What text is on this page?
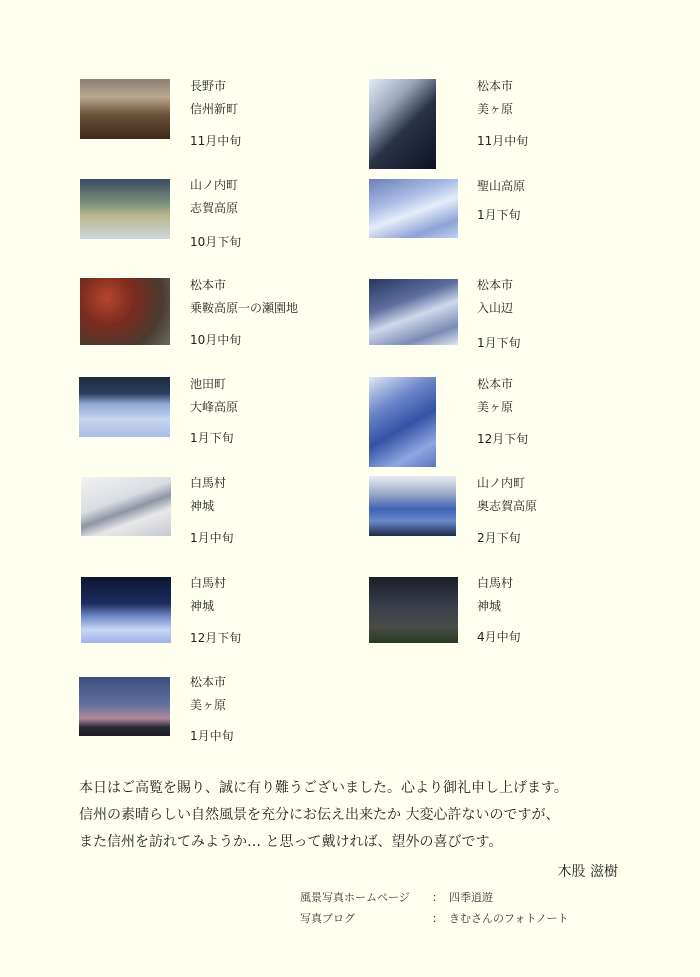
長野市
信州新町
11月中旬
山ノ内町
志賀高原
10月下旬
松本市
乗鞍高原一の瀬園地
10月中旬
池田町
大峰高原
1月下旬
白馬村
神城
1月中旬
白馬村
神城
12月下旬
松本市
美ヶ原
1月中旬
松本市
美ヶ原
11月中旬
聖山高原
1月下旬
松本市
入山辺
1月下旬
松本市
美ヶ原
12月下旬
山ノ内町
奥志賀高原
2月下旬
白馬村
神城
4月中旬
本日はご高覧を賜り、誠に有り難うございました。心より御礼申し上げます。
信州の素晴らしい自然風景を充分にお伝え出来たか 大変心許ないのですが、
また信州を訪れてみようか… と思って戴ければ、望外の喜びです。
木股 滋樹
風景写真ホームページ ： 四季逍遊
写真ブログ	： きむさんのフォトノート
